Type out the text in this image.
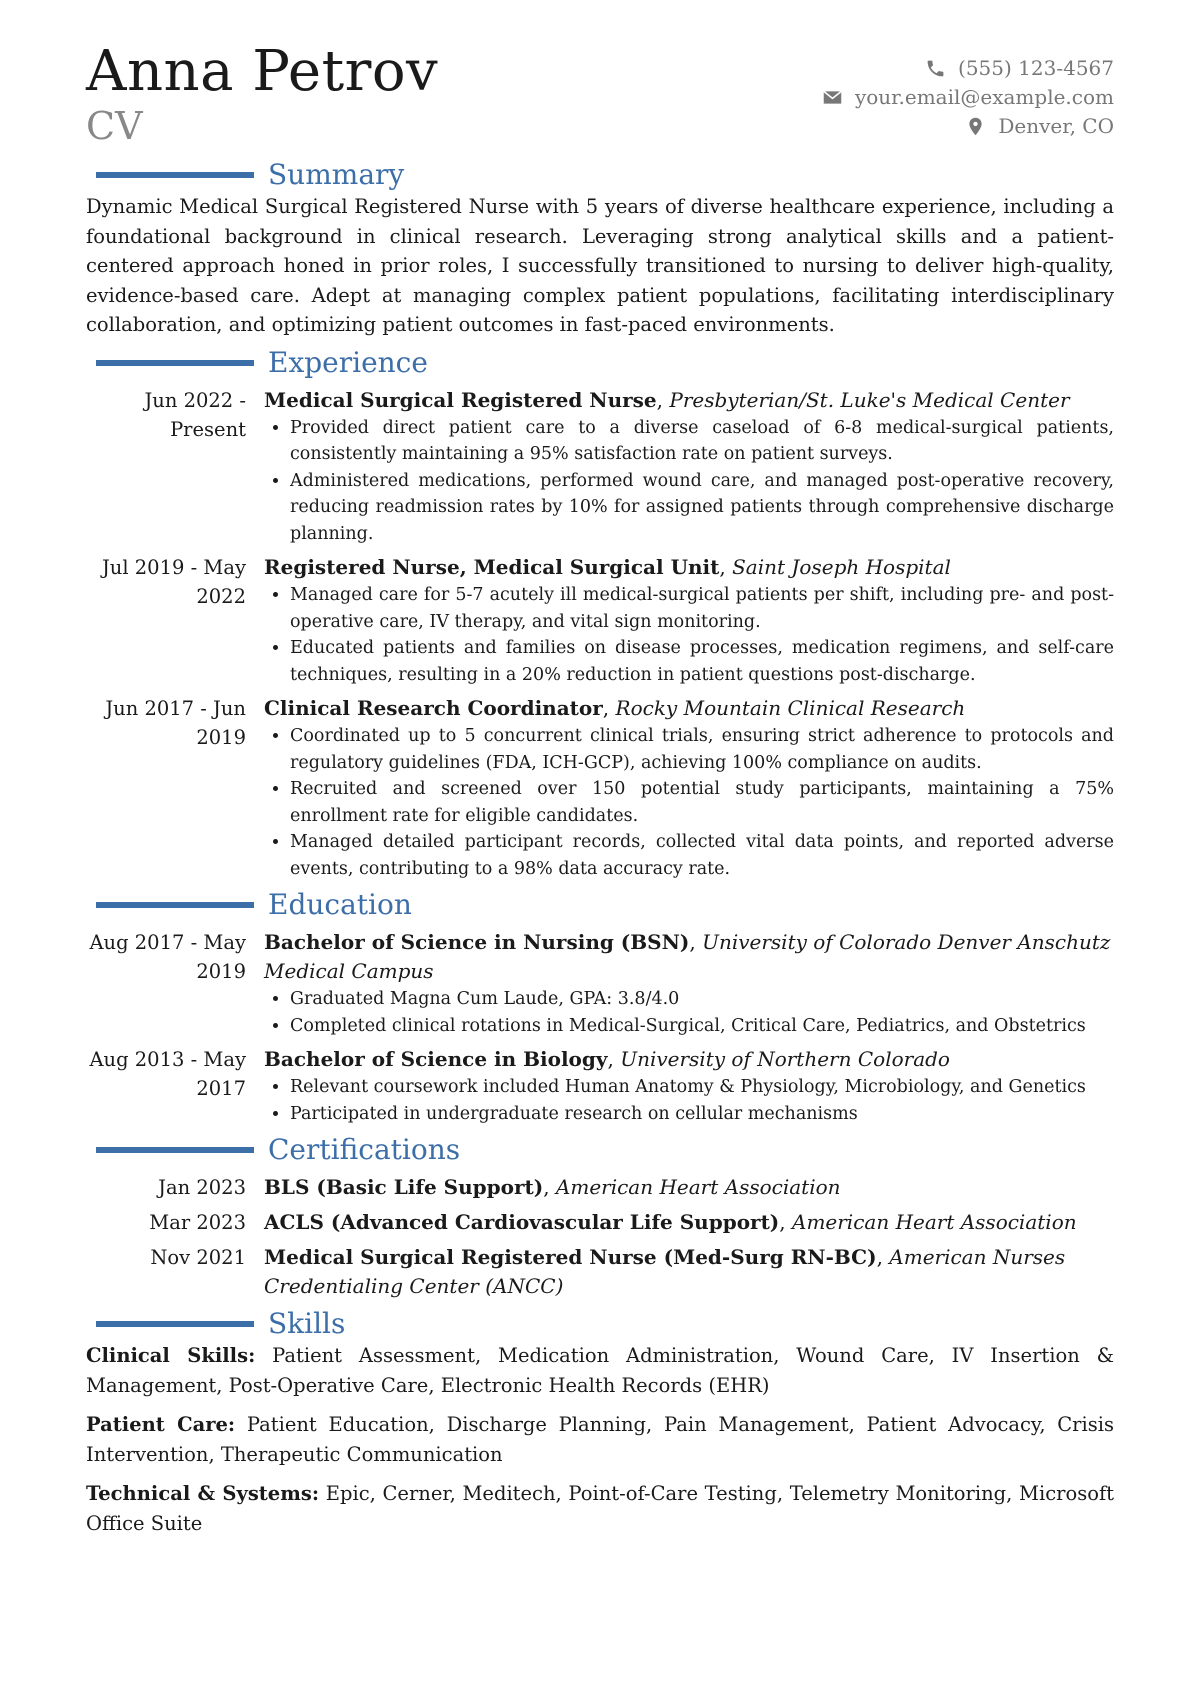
Anna Petrov
CV
(555) 123-4567
your.email@example.com
Denver, CO
Summary

Dynamic Medical Surgical Registered Nurse with 5 years of diverse healthcare experience, including a foundational background in clinical research. Leveraging strong analytical skills and a patient-centered approach honed in prior roles, I successfully transitioned to nursing to deliver high-quality, evidence-based care. Adept at managing complex patient populations, facilitating interdisciplinary collaboration, and optimizing patient outcomes in fast-paced environments.

Experience
Jun 2022 - Present
Medical Surgical Registered Nurse, Presbyterian/St. Luke's Medical Center
• Provided direct patient care to a diverse caseload of 6-8 medical-surgical patients, consistently maintaining a 95% satisfaction rate on patient surveys.
• Administered medications, performed wound care, and managed post-operative recovery, reducing readmission rates by 10% for assigned patients through comprehensive discharge planning.
Jul 2019 - May 2022
Registered Nurse, Medical Surgical Unit, Saint Joseph Hospital
• Managed care for 5-7 acutely ill medical-surgical patients per shift, including pre- and post-operative care, IV therapy, and vital sign monitoring.
• Educated patients and families on disease processes, medication regimens, and self-care techniques, resulting in a 20% reduction in patient questions post-discharge.
Jun 2017 - Jun 2019
Clinical Research Coordinator, Rocky Mountain Clinical Research
• Coordinated up to 5 concurrent clinical trials, ensuring strict adherence to protocols and regulatory guidelines (FDA, ICH-GCP), achieving 100% compliance on audits.
• Recruited and screened over 150 potential study participants, maintaining a 75% enrollment rate for eligible candidates.
• Managed detailed participant records, collected vital data points, and reported adverse events, contributing to a 98% data accuracy rate.
Education
Aug 2017 - May 2019
Bachelor of Science in Nursing (BSN), University of Colorado Denver Anschutz Medical Campus
• Graduated Magna Cum Laude, GPA: 3.8/4.0
• Completed clinical rotations in Medical-Surgical, Critical Care, Pediatrics, and Obstetrics
Aug 2013 - May 2017
Bachelor of Science in Biology, University of Northern Colorado
• Relevant coursework included Human Anatomy & Physiology, Microbiology, and Genetics
• Participated in undergraduate research on cellular mechanisms
Certifications
Jan 2023 BLS (Basic Life Support), American Heart Association
Mar 2023 ACLS (Advanced Cardiovascular Life Support), American Heart Association
Nov 2021 Medical Surgical Registered Nurse (Med-Surg RN-BC), American Nurses Credentialing Center (ANCC)
Skills

Clinical Skills: Patient Assessment, Medication Administration, Wound Care, IV Insertion & Management, Post-Operative Care, Electronic Health Records (EHR)

Patient Care: Patient Education, Discharge Planning, Pain Management, Patient Advocacy, Crisis Intervention, Therapeutic Communication

Technical & Systems: Epic, Cerner, Meditech, Point-of-Care Testing, Telemetry Monitoring, Microsoft Office Suite
